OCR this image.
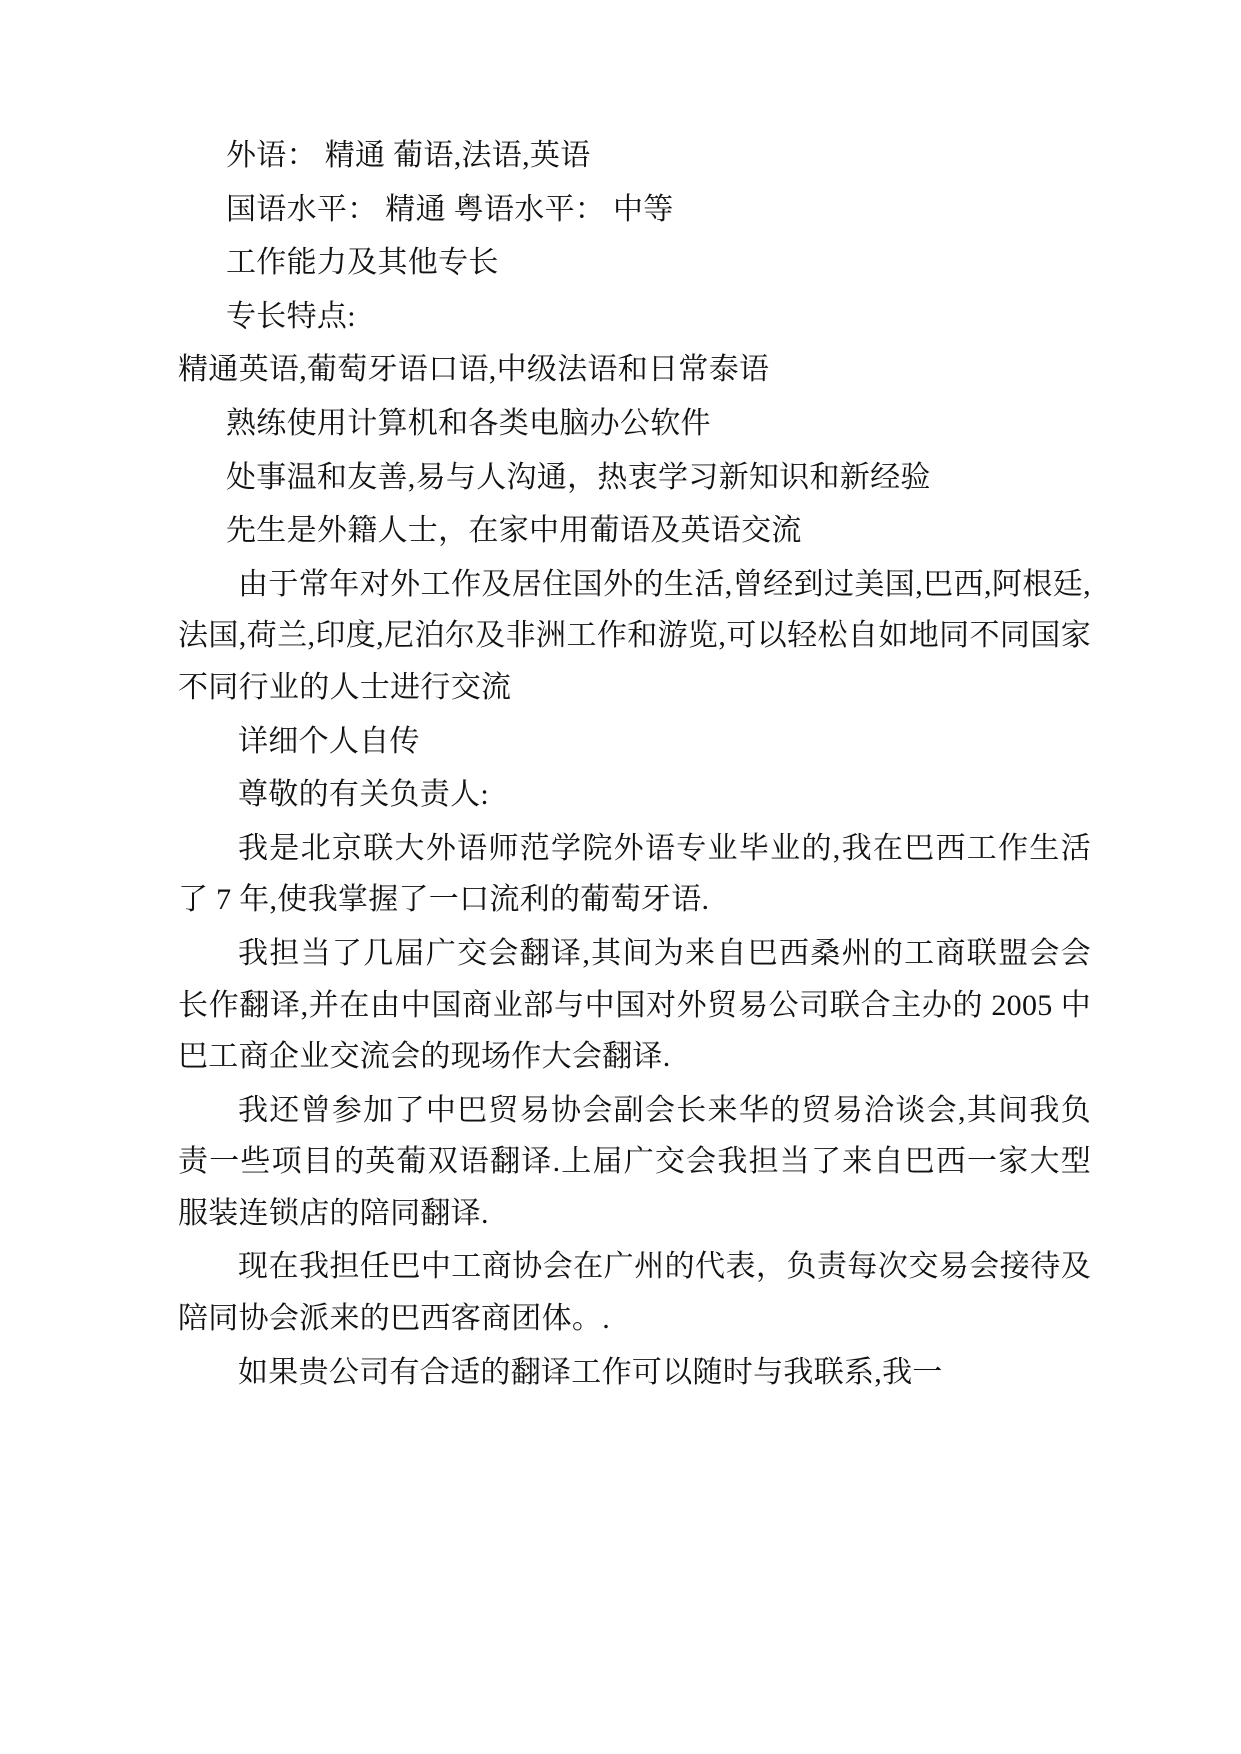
外语： 精通 葡语,法语,英语
国语水平： 精通 粤语水平： 中等
工作能力及其他专长
专长特点:
精通英语,葡萄牙语口语,中级法语和日常泰语
熟练使用计算机和各类电脑办公软件
处事温和友善,易与人沟通，热衷学习新知识和新经验
先生是外籍人士，在家中用葡语及英语交流
由于常年对外工作及居住国外的生活,曾经到过美国,巴西,阿根廷,法国,荷兰,印度,尼泊尔及非洲工作和游览,可以轻松自如地同不同国家不同行业的人士进行交流
详细个人自传
尊敬的有关负责人:
我是北京联大外语师范学院外语专业毕业的,我在巴西工作生活了 7 年,使我掌握了一口流利的葡萄牙语.
我担当了几届广交会翻译,其间为来自巴西桑州的工商联盟会会长作翻译,并在由中国商业部与中国对外贸易公司联合主办的 2005 中巴工商企业交流会的现场作大会翻译.
我还曾参加了中巴贸易协会副会长来华的贸易洽谈会,其间我负责一些项目的英葡双语翻译.上届广交会我担当了来自巴西一家大型服装连锁店的陪同翻译.
现在我担任巴中工商协会在广州的代表，负责每次交易会接待及陪同协会派来的巴西客商团体。.
如果贵公司有合适的翻译工作可以随时与我联系,我一
